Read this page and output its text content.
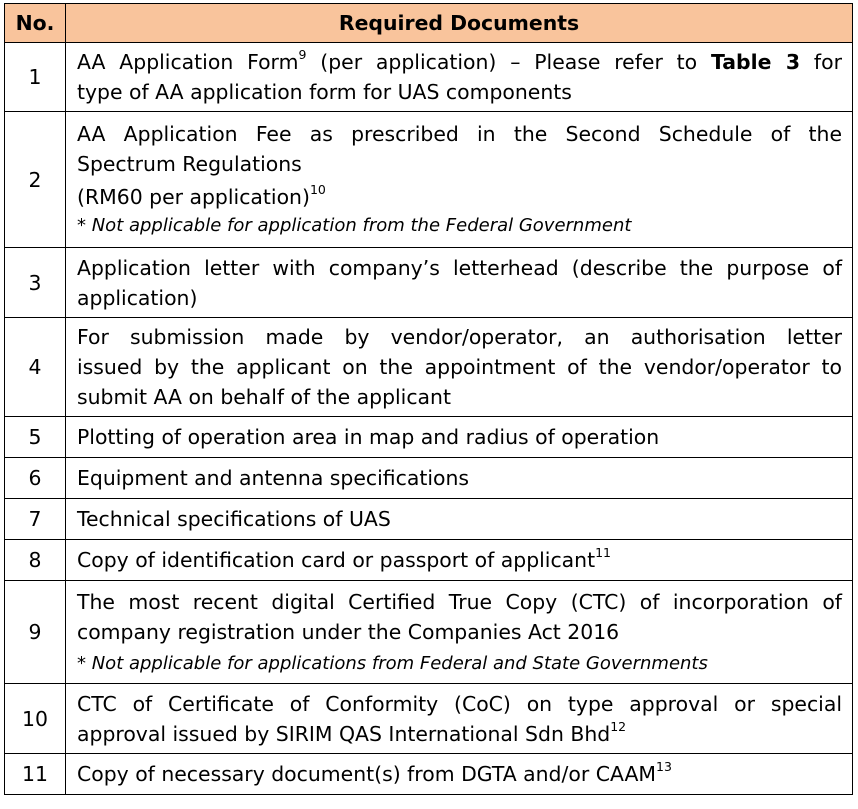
No.	Required Documents
1	AA Application Form$^9$ (per application) – Please refer to Table 3 for
type of AA application form for UAS components

2	AA Application Fee as prescribed in the Second Schedule of the
Spectrum Regulations
(RM60 per application)$^{10}$
* Not applicable for application from the Federal Government

3	Application letter with company’s letterhead (describe the purpose of
application)

4	For submission made by vendor/operator, an authorisation letter
issued by the applicant on the appointment of the vendor/operator to
submit AA on behalf of the applicant

5	Plotting of operation area in map and radius of operation

6	Equipment and antenna specifications

7	Technical specifications of UAS

8	Copy of identification card or passport of applicant$^{11}$

9	The most recent digital Certified True Copy (CTC) of incorporation of
company registration under the Companies Act 2016
* Not applicable for applications from Federal and State Governments

10	CTC of Certificate of Conformity (CoC) on type approval or special
approval issued by SIRIM QAS International Sdn Bhd$^{12}$

11	Copy of necessary document(s) from DGTA and/or CAAM$^{13}$
